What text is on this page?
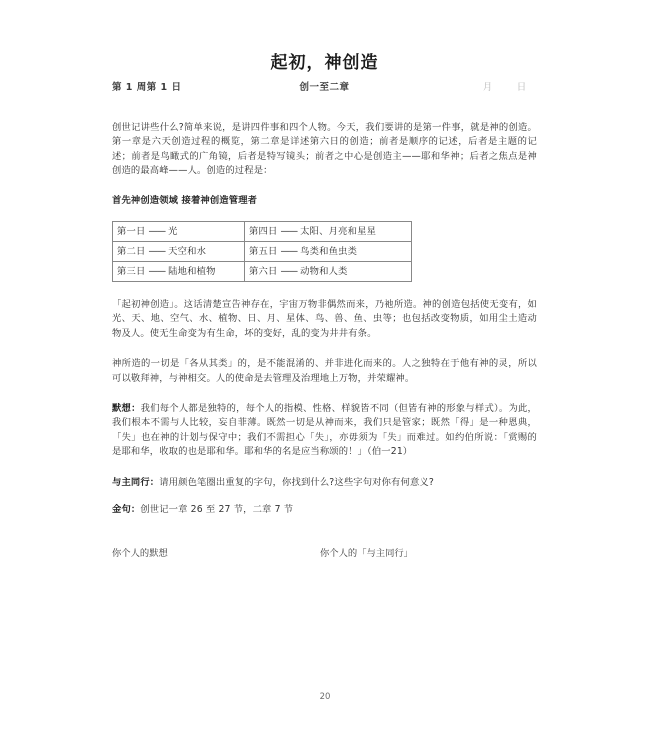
起初，神创造
第 1 周第 1 日	创一至二章	月 日

创世记讲些什么?简单来说，是讲四件事和四个人物。今天，我们要讲的是第一件事，就是神的创造。第一章是六天创造过程的概览，第二章是详述第六日的创造；前者是顺序的记述，后者是主题的记述；前者是鸟瞰式的广角镜，后者是特写镜头；前者之中心是创造主——耶和华神；后者之焦点是神创造的最高峰——人。创造的过程是：

首先神创造领域 接着神创造管理者

第一日 —— 光	第四日 —— 太阳、月亮和星星
第二日 —— 天空和水	第五日 —— 鸟类和鱼虫类
第三日 —— 陆地和植物	第六日 —— 动物和人类

「起初神创造」。这话清楚宣告神存在，宇宙万物非偶然而来，乃祂所造。神的创造包括使无变有，如光、天、地、空气、水、植物、日、月、星体、鸟、兽、鱼、虫等；也包括改变物质，如用尘土造动物及人。使无生命变为有生命，坏的变好，乱的变为井井有条。

神所造的一切是「各从其类」的，是不能混淆的、并非进化而来的。人之独特在于他有神的灵，所以可以敬拜神，与神相交。人的使命是去管理及治理地上万物，并荣耀神。

默想：我们每个人都是独特的，每个人的指模、性格、样貌皆不同（但皆有神的形象与样式）。为此，我们根本不需与人比较，妄自菲薄。既然一切是从神而来，我们只是管家；既然「得」是一种恩典，「失」也在神的计划与保守中；我们不需担心「失」，亦毋须为「失」而难过。如约伯所说：「赏赐的是耶和华，收取的也是耶和华。耶和华的名是应当称颂的！」（伯一21）

与主同行：请用颜色笔圈出重复的字句，你找到什么?这些字句对你有何意义?

金句：创世记一章 26 至 27 节，二章 7 节

你个人的默想	你个人的「与主同行」
20
